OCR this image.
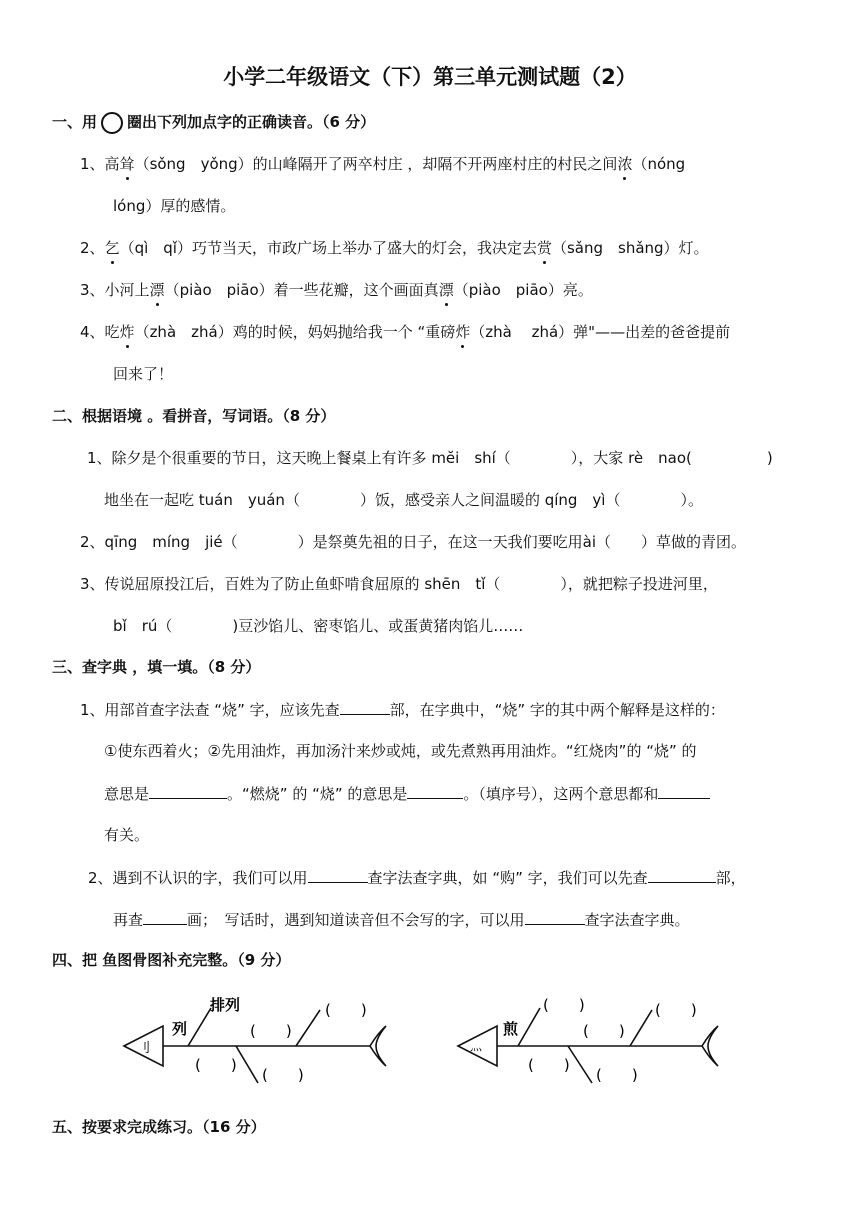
小学二年级语文（下）第三单元测试题（2）
一、用 圈出下列加点字的正确读音。（6 分）
1、高耸（sǒng　yǒng）的山峰隔开了两卒村庄 ，却隔不开两座村庄的村民之间浓（nóng
lóng）厚的感情。
2、乞（qì　qǐ）巧节当天，市政广场上举办了盛大的灯会，我决定去赏（sǎng　shǎng）灯。
3、小河上漂（piào　piāo）着一些花瓣，这个画面真漂（piào　piāo）亮。
4、吃炸（zhà　zhá）鸡的时候，妈妈抛给我一个 “重磅炸（zhà　 zhá）弹"——出差的爸爸提前
回来了！
二、根据语境 。看拼音，写词语。（8 分）
1、除夕是个很重要的节日，这天晚上餐桌上有许多 mĕi　shí（　　　　），大家 rè　nao(　　　　　)
地坐在一起吃 tuán　yuán（　　　　）饭，感受亲人之间温暖的 qíng　yì（　　　　）。
2、qīng　míng　jié（　　　　）是祭奠先祖的日子，在这一天我们要吃用ài（　　）草做的青团。
3、传说屈原投江后，百姓为了防止鱼虾啃食屈原的 shēn　tǐ（　　　　），就把粽子投进河里，
bǐ　rú（　　　　)豆沙馅儿、密枣馅儿、或蛋黄猪肉馅儿……
三、查字典 ，填一填。（8 分）
1、用部首查字法查 “烧” 字，应该先查	部，在字典中，“烧” 字的其中两个解释是这样的：
①使东西着火；②先用油炸，再加汤汁来炒或炖，或先煮熟再用油炸。“红烧肉”的 “烧” 的
意思是	。“燃烧” 的 “烧” 的意思是	。（填序号），这两个意思都和
有关。
2、遇到不认识的字，我们可以用	查字法查字典，如 “购” 字，我们可以先查	部，
再查	画；　写话时，遇到知道读音但不会写的字，可以用	查字法查字典。
四、把 鱼图骨图补充完整。（9 分）
刂
列
排列
(　　)
(　　)
(　　)
(　　)
灬
煎
(　　)
(　　)
(　　)
(　　)
(　　)
五、按要求完成练习。（16 分）
